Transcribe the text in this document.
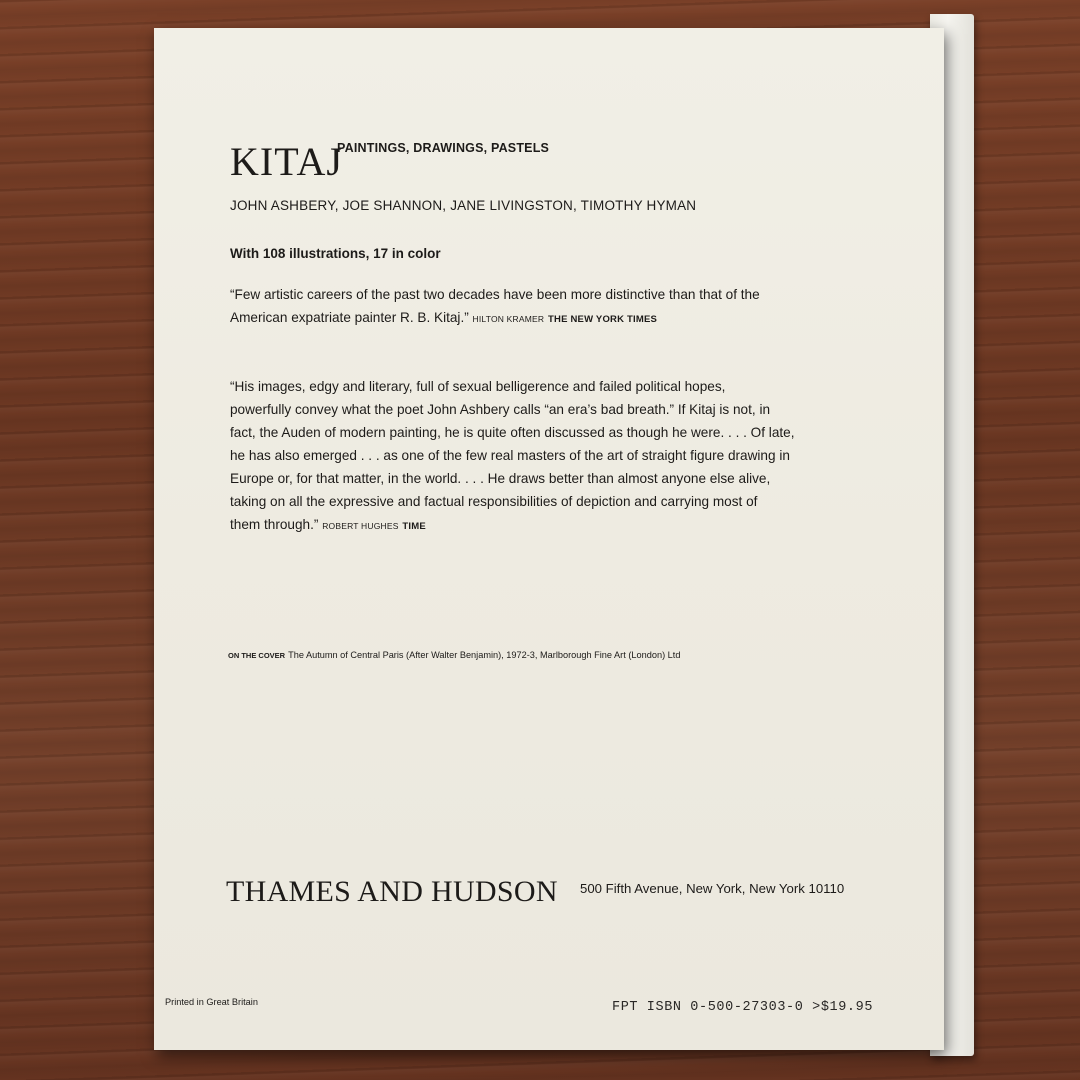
KITAJ
PAINTINGS, DRAWINGS, PASTELS
JOHN ASHBERY, JOE SHANNON, JANE LIVINGSTON, TIMOTHY HYMAN
With 108 illustrations, 17 in color
“Few artistic careers of the past two decades have been more distinctive than that of the
American expatriate painter R. B. Kitaj.” HILTON KRAMER THE NEW YORK TIMES
“His images, edgy and literary, full of sexual belligerence and failed political hopes,
powerfully convey what the poet John Ashbery calls “an era’s bad breath.” If Kitaj is not, in
fact, the Auden of modern painting, he is quite often discussed as though he were. . . . Of late,
he has also emerged . . . as one of the few real masters of the art of straight figure drawing in
Europe or, for that matter, in the world. . . . He draws better than almost anyone else alive,
taking on all the expressive and factual responsibilities of depiction and carrying most of
them through.” ROBERT HUGHES TIME
ON THE COVER The Autumn of Central Paris (After Walter Benjamin), 1972-3, Marlborough Fine Art (London) Ltd
THAMES AND HUDSON 500 Fifth Avenue, New York, New York 10110
Printed in Great Britain	FPT ISBN 0-500-27303-0 >$19.95
